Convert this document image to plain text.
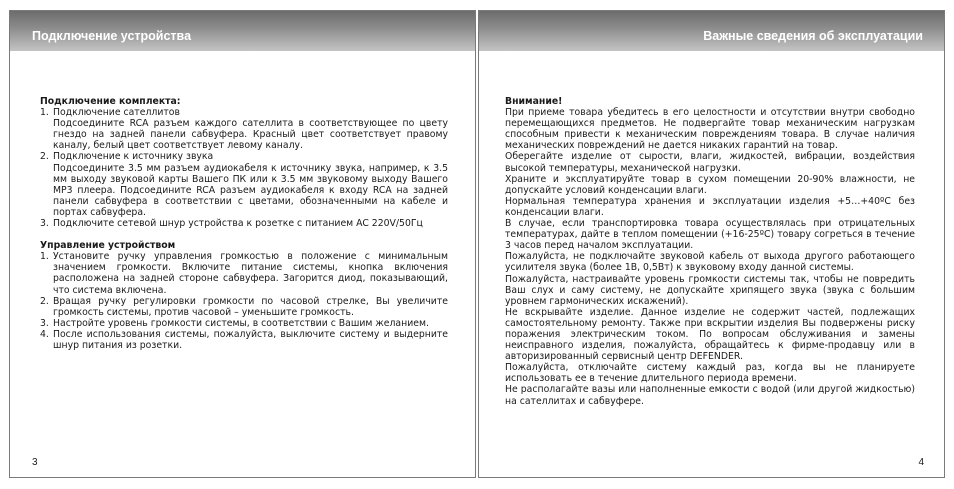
Подключение устройства

Подключение комплекта:

1. Подключение сателлитов

Подсоедините RCA разъем каждого сателлита в соответствующее по цвету гнездо на задней панели сабвуфера. Красный цвет соответствует правому каналу, белый цвет соответствует левому каналу.

2. Подключение к источнику звука

Подсоедините 3.5 мм разъем аудиокабеля к источнику звука, например, к 3.5 мм выходу звуковой карты Вашего ПК или к 3.5 мм звуковому выходу Вашего MP3 плеера. Подсоедините RCA разъем аудиокабеля к входу RCA на задней панели сабвуфера в соответствии с цветами, обозначенными на кабеле и портах сабвуфера.

3. Подключите сетевой шнур устройства к розетке с питанием AC 220V/50Гц

Управление устройством

1. Установите ручку управления громкостью в положение с минимальным значением громкости. Включите питание системы, кнопка включения расположена на задней стороне сабвуфера. Загорится диод, показывающий, что система включена.

2. Вращая ручку регулировки громкости по часовой стрелке, Вы увеличите громкость системы, против часовой – уменьшите громкость.

3. Настройте уровень громкости системы, в соответствии с Вашим желанием.

4. После использования системы, пожалуйста, выключите систему и выдерните шнур питания из розетки.

3
Важные сведения об эксплуатации

Внимание!

При приеме товара убедитесь в его целостности и отсутствии внутри свободно перемещающихся предметов. Не подвергайте товар механическим нагрузкам способным привести к механическим повреждениям товара. В случае наличия механических повреждений не дается никаких гарантий на товар.

Оберегайте изделие от сырости, влаги, жидкостей, вибрации, воздействия высокой температуры, механической нагрузки.

Храните и эксплуатируйте товар в сухом помещении 20-90% влажности, не допускайте условий конденсации влаги.

Нормальная температура хранения и эксплуатации изделия +5…+40ºС без конденсации влаги.

В случае, если транспортировка товара осуществлялась при отрицательных температурах, дайте в теплом помещении (+16-25ºС) товару согреться в течение 3 часов перед началом эксплуатации.

Пожалуйста, не подключайте звуковой кабель от выхода другого работающего усилителя звука (более 1В, 0,5Вт) к звуковому входу данной системы.

Пожалуйста, настраивайте уровень громкости системы так, чтобы не повредить Ваш слух и саму систему, не допускайте хрипящего звука (звука с большим уровнем гармонических искажений).

Не вскрывайте изделие. Данное изделие не содержит частей, подлежащих самостоятельному ремонту. Также при вскрытии изделия Вы подвержены риску поражения электрическим током. По вопросам обслуживания и замены неисправного изделия, пожалуйста, обращайтесь к фирме-продавцу или в авторизированный сервисный центр DEFENDER.

Пожалуйста, отключайте систему каждый раз, когда вы не планируете использовать ее в течение длительного периода времени.

Не располагайте вазы или наполненные емкости с водой (или другой жидкостью) на сателлитах и сабвуфере.

4
